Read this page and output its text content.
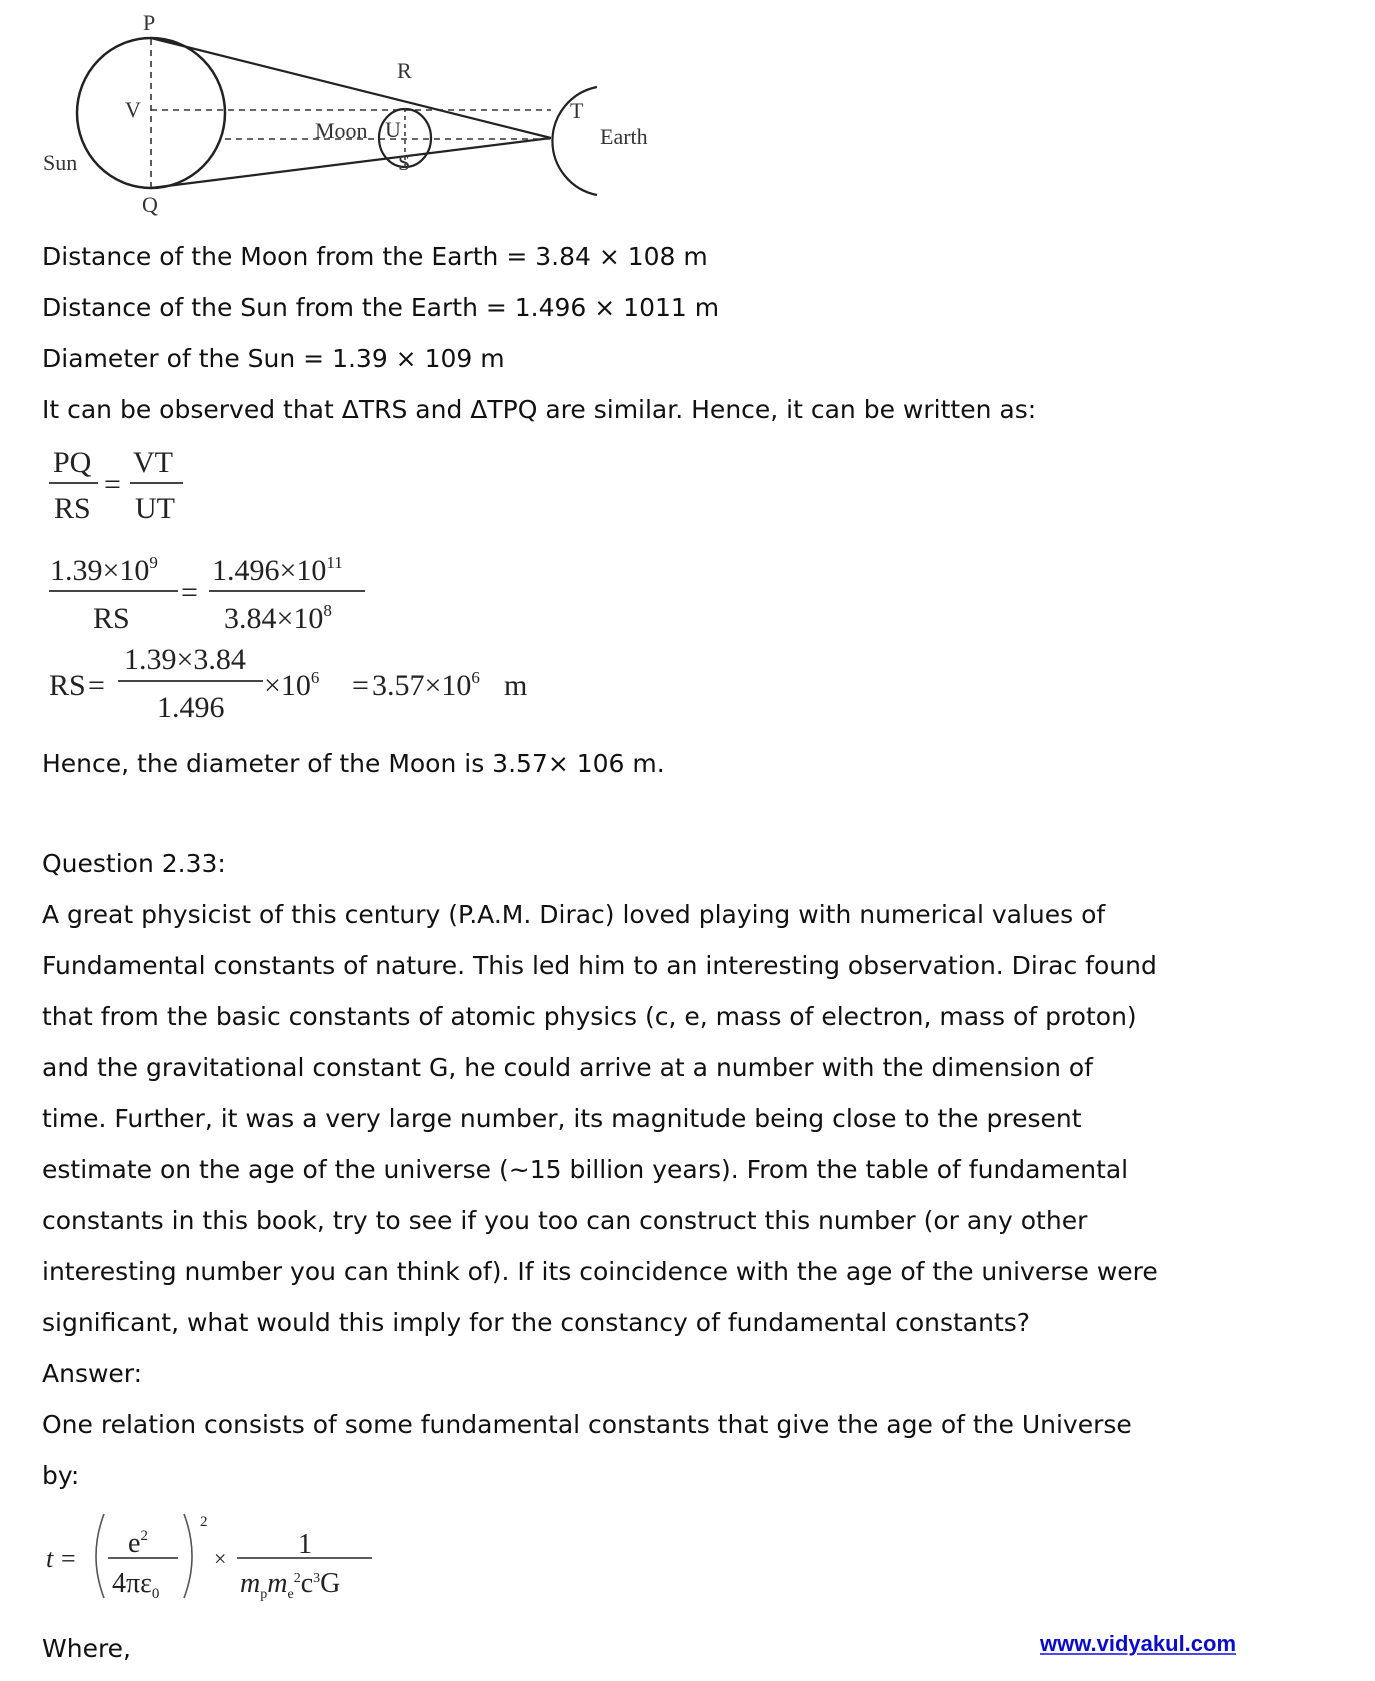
P
Q
V
Sun
R
S
U
Moon
T
Earth
Distance of the Moon from the Earth = 3.84 × 108 m
Distance of the Sun from the Earth = 1.496 × 1011 m
Diameter of the Sun = 1.39 × 109 m
It can be observed that ΔTRS and ΔTPQ are similar. Hence, it can be written as:
PQ
RS
=
VT
UT
$1.39\times 10^9$
RS
=
$1.496\times 10^{11}$
$3.84\times 10^8$
RS =
1.39×3.84
1.496
$\times 10^6 = 3.57\times 10^6$ m
Hence, the diameter of the Moon is 3.57× 106 m.
Question 2.33:
A great physicist of this century (P.A.M. Dirac) loved playing with numerical values of
Fundamental constants of nature. This led him to an interesting observation. Dirac found
that from the basic constants of atomic physics (c, e, mass of electron, mass of proton)
and the gravitational constant G, he could arrive at a number with the dimension of
time. Further, it was a very large number, its magnitude being close to the present
estimate on the age of the universe (~15 billion years). From the table of fundamental
constants in this book, try to see if you too can construct this number (or any other
interesting number you can think of). If its coincidence with the age of the universe were
significant, what would this imply for the constancy of fundamental constants?
Answer:
One relation consists of some fundamental constants that give the age of the Universe
by:
$t = e^2$
$4\pi\varepsilon_0$
2
×	1
$m_pm_e^2c^3G$
Where,	www.vidyakul.com
